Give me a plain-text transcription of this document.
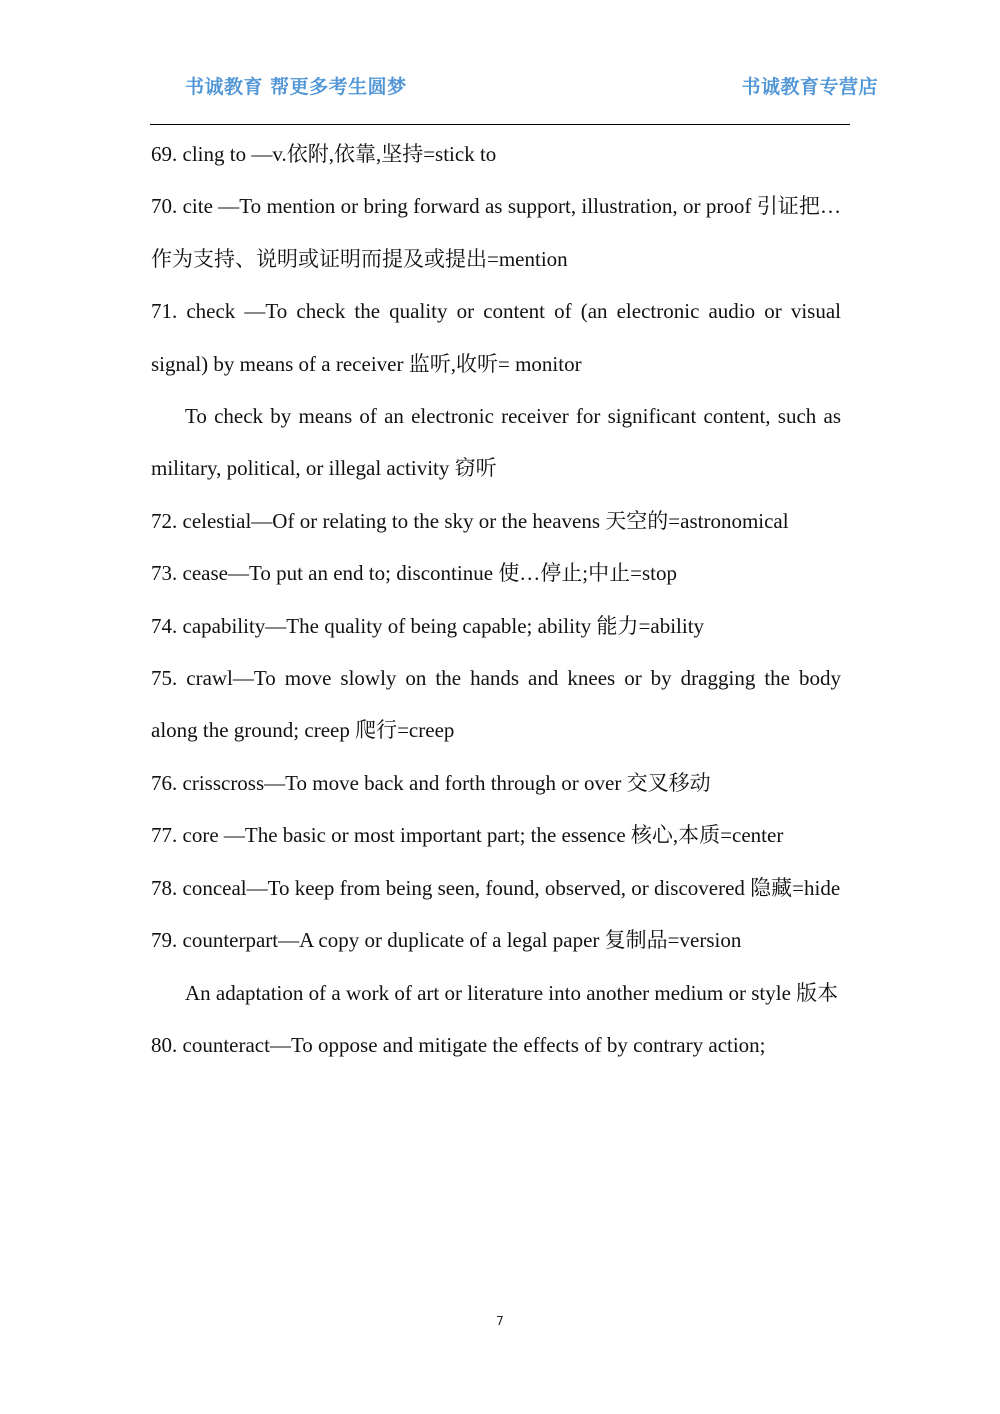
书诚教育 帮更多考生圆梦	书诚教育专营店

69. cling to —v.依附,依靠,坚持=stick to

70. cite —To mention or bring forward as support, illustration, or proof 引证把…作为支持、说明或证明而提及或提出=mention

71. check —To check the quality or content of (an electronic audio or visual signal) by means of a receiver 监听,收听= monitor

To check by means of an electronic receiver for significant content, such as military, political, or illegal activity 窃听

72. celestial—Of or relating to the sky or the heavens 天空的=astronomical

73. cease—To put an end to; discontinue 使…停止;中止=stop

74. capability—The quality of being capable; ability 能力=ability

75. crawl—To move slowly on the hands and knees or by dragging the body along the ground; creep 爬行=creep

76. crisscross—To move back and forth through or over 交叉移动

77. core —The basic or most important part; the essence 核心,本质=center

78. conceal—To keep from being seen, found, observed, or discovered 隐藏=hide

79. counterpart—A copy or duplicate of a legal paper 复制品=version

An adaptation of a work of art or literature into another medium or style 版本

80. counteract—To oppose and mitigate the effects of by contrary action;

7
